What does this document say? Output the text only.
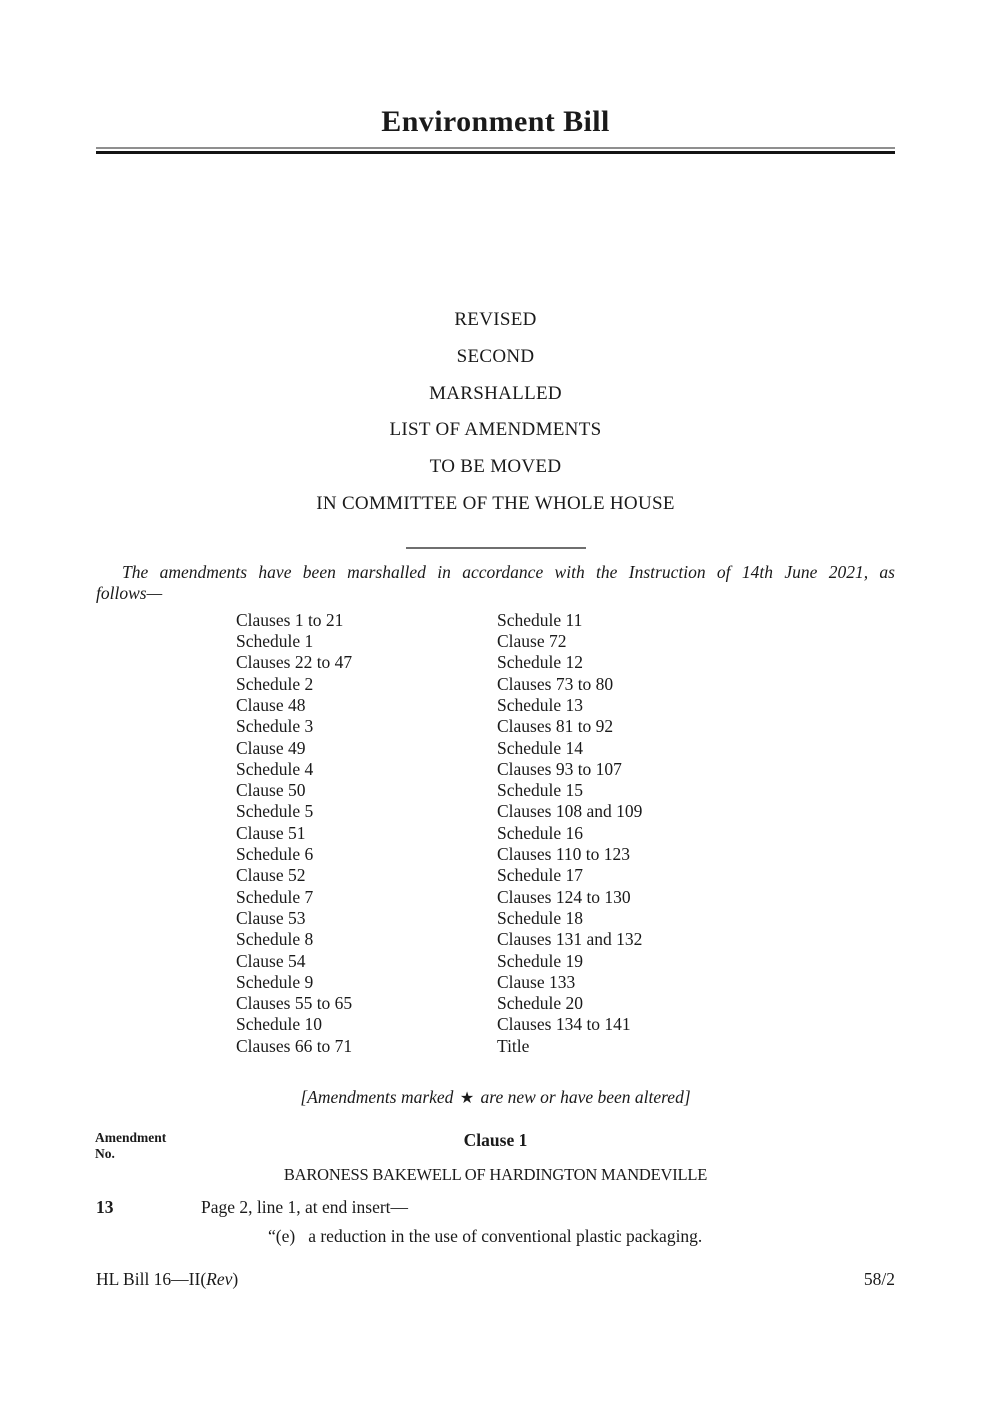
Environment Bill
REVISED
SECOND
MARSHALLED
LIST OF AMENDMENTS
TO BE MOVED
IN COMMITTEE OF THE WHOLE HOUSE

The amendments have been marshalled in accordance with the Instruction of 14th June 2021, as follows—

Clauses 1 to 21
Schedule 1
Clauses 22 to 47
Schedule 2
Clause 48
Schedule 3
Clause 49
Schedule 4
Clause 50
Schedule 5
Clause 51
Schedule 6
Clause 52
Schedule 7
Clause 53
Schedule 8
Clause 54
Schedule 9
Clauses 55 to 65
Schedule 10
Clauses 66 to 71
Schedule 11
Clause 72
Schedule 12
Clauses 73 to 80
Schedule 13
Clauses 81 to 92
Schedule 14
Clauses 93 to 107
Schedule 15
Clauses 108 and 109
Schedule 16
Clauses 110 to 123
Schedule 17
Clauses 124 to 130
Schedule 18
Clauses 131 and 132
Schedule 19
Clause 133
Schedule 20
Clauses 134 to 141
Title
[Amendments marked ★ are new or have been altered]
Amendment
No.
Clause 1
BARONESS BAKEWELL OF HARDINGTON MANDEVILLE
13	Page 2, line 1, at end insert—
“(e) a reduction in the use of conventional plastic packaging.
HL Bill 16—II(Rev)	58/2
